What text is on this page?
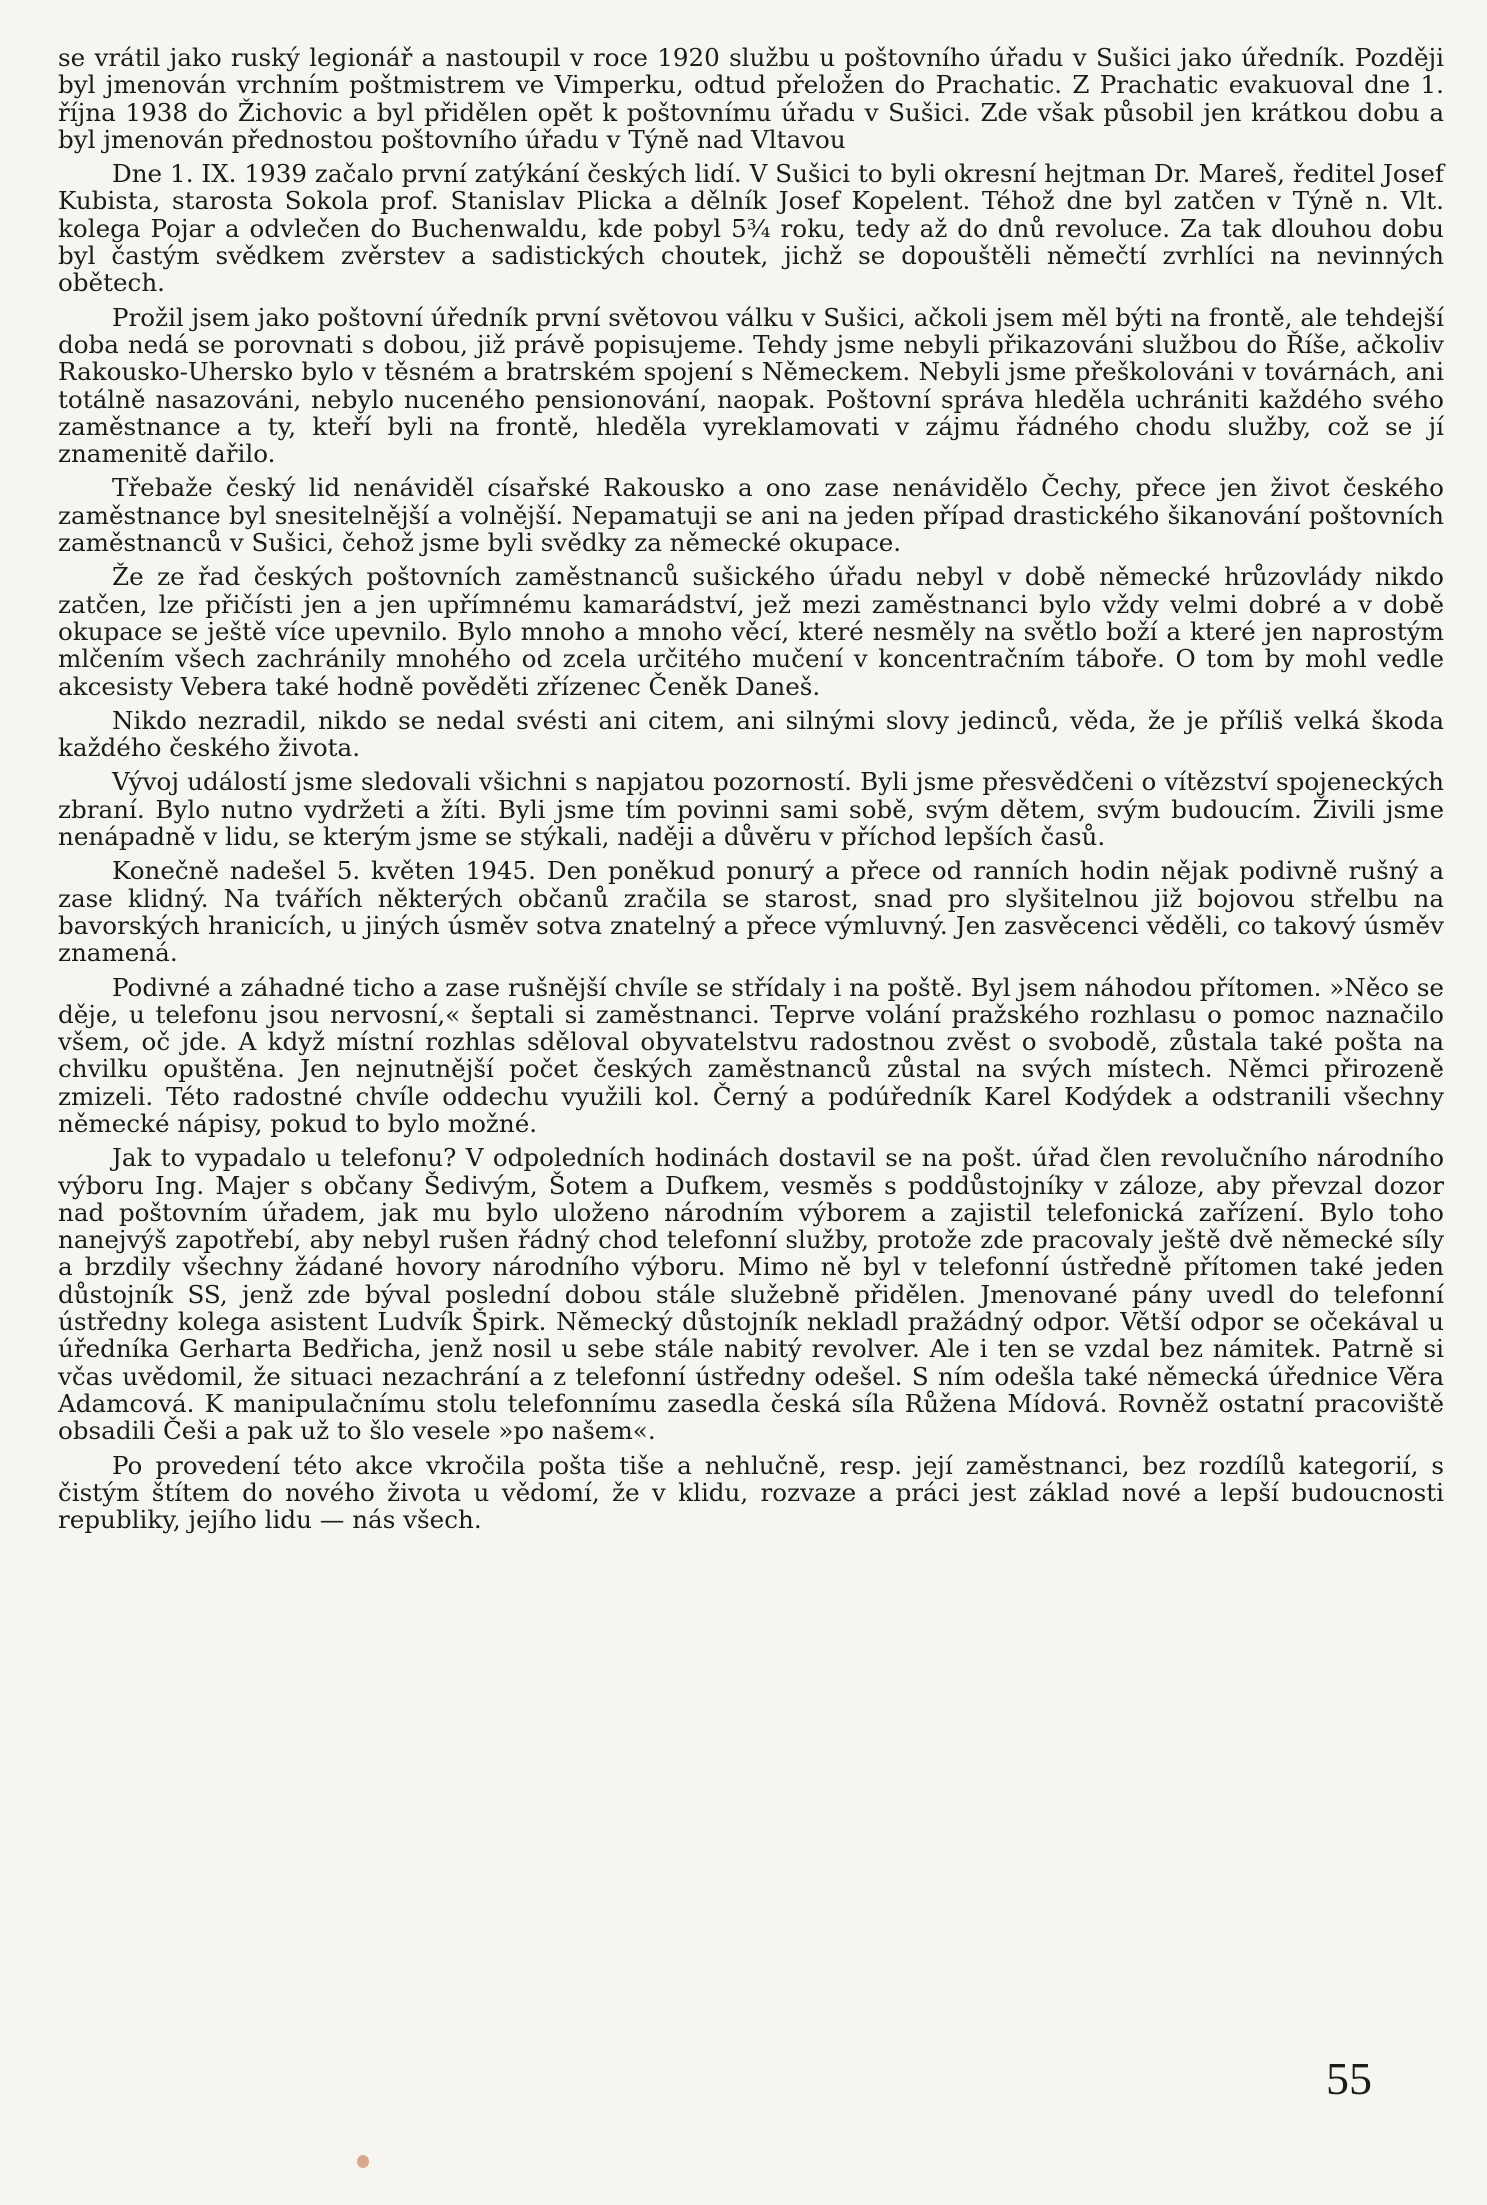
se vrátil jako ruský legionář a nastoupil v roce 1920 službu u poštovního úřadu v Sušici jako úředník. Později byl jmenován vrchním poštmistrem ve Vimperku, odtud přeložen do Prachatic. Z Prachatic evakuoval dne 1. října 1938 do Žichovic a byl přidělen opět k poštovnímu úřadu v Sušici. Zde však působil jen krátkou dobu a byl jmenován přednostou poštovního úřadu v Týně nad Vltavou

Dne 1. IX. 1939 začalo první zatýkání českých lidí. V Sušici to byli okresní hejtman Dr. Mareš, ředitel Josef Kubista, starosta Sokola prof. Stanislav Plicka a dělník Josef Kopelent. Téhož dne byl zatčen v Týně n. Vlt. kolega Pojar a odvlečen do Buchenwaldu, kde pobyl 5¾ roku, tedy až do dnů revoluce. Za tak dlouhou dobu byl častým svědkem zvěrstev a sadistických choutek, jichž se dopouštěli němečtí zvrhlíci na nevinných obětech.

Prožil jsem jako poštovní úředník první světovou válku v Sušici, ačkoli jsem měl býti na frontě, ale tehdejší doba nedá se porovnati s dobou, již právě popisujeme. Tehdy jsme nebyli přikazováni službou do Říše, ačkoliv Rakousko-Uhersko bylo v těsném a bratrském spojení s Německem. Nebyli jsme přeškolováni v továrnách, ani totálně nasazováni, nebylo nuceného pensionování, naopak. Poštovní správa hleděla uchrániti každého svého zaměstnance a ty, kteří byli na frontě, hleděla vyreklamovati v zájmu řádného chodu služby, což se jí znamenitě dařilo.

Třebaže český lid nenáviděl císařské Rakousko a ono zase nenávidělo Čechy, přece jen život českého zaměstnance byl snesitelnější a volnější. Nepamatuji se ani na jeden případ drastického šikanování poštovních zaměstnanců v Sušici, čehož jsme byli svědky za německé okupace.

Že ze řad českých poštovních zaměstnanců sušického úřadu nebyl v době německé hrůzovlády nikdo zatčen, lze přičísti jen a jen upřímnému kamarádství, jež mezi zaměstnanci bylo vždy velmi dobré a v době okupace se ještě více upevnilo. Bylo mnoho a mnoho věcí, které nesměly na světlo boží a které jen naprostým mlčením všech zachránily mnohého od zcela určitého mučení v koncentračním táboře. O tom by mohl vedle akcesisty Vebera také hodně pověděti zřízenec Čeněk Daneš.

Nikdo nezradil, nikdo se nedal svésti ani citem, ani silnými slovy jedinců, věda, že je příliš velká škoda každého českého života.

Vývoj událostí jsme sledovali všichni s napjatou pozorností. Byli jsme přesvědčeni o vítězství spojeneckých zbraní. Bylo nutno vydržeti a žíti. Byli jsme tím povinni sami sobě, svým dětem, svým budoucím. Živili jsme nenápadně v lidu, se kterým jsme se stýkali, naději a důvěru v příchod lepších časů.

Konečně nadešel 5. květen 1945. Den poněkud ponurý a přece od ranních hodin nějak podivně rušný a zase klidný. Na tvářích některých občanů zračila se starost, snad pro slyšitelnou již bojovou střelbu na bavorských hranicích, u jiných úsměv sotva znatelný a přece výmluvný. Jen zasvěcenci věděli, co takový úsměv znamená.

Podivné a záhadné ticho a zase rušnější chvíle se střídaly i na poště. Byl jsem náhodou přítomen. »Něco se děje, u telefonu jsou nervosní,« šeptali si zaměstnanci. Teprve volání pražského rozhlasu o pomoc naznačilo všem, oč jde. A když místní rozhlas sděloval obyvatelstvu radostnou zvěst o svobodě, zůstala také pošta na chvilku opuštěna. Jen nejnutnější počet českých zaměstnanců zůstal na svých místech. Němci přirozeně zmizeli. Této radostné chvíle oddechu využili kol. Černý a podúředník Karel Kodýdek a odstranili všechny německé nápisy, pokud to bylo možné.

Jak to vypadalo u telefonu? V odpoledních hodinách dostavil se na pošt. úřad člen revolučního národního výboru Ing. Majer s občany Šedivým, Šotem a Dufkem, vesměs s poddůstojníky v záloze, aby převzal dozor nad poštovním úřadem, jak mu bylo uloženo národním výborem a zajistil telefonická zařízení. Bylo toho nanejvýš zapotřebí, aby nebyl rušen řádný chod telefonní služby, protože zde pracovaly ještě dvě německé síly a brzdily všechny žádané hovory národního výboru. Mimo ně byl v telefonní ústředně přítomen také jeden důstojník SS, jenž zde býval poslední dobou stále služebně přidělen. Jmenované pány uvedl do telefonní ústředny kolega asistent Ludvík Špirk. Německý důstojník nekladl pražádný odpor. Větší odpor se očekával u úředníka Gerharta Bedřicha, jenž nosil u sebe stále nabitý revolver. Ale i ten se vzdal bez námitek. Patrně si včas uvědomil, že situaci nezachrání a z telefonní ústředny odešel. S ním odešla také německá úřednice Věra Adamcová. K manipulačnímu stolu telefonnímu zasedla česká síla Růžena Mídová. Rovněž ostatní pracoviště obsadili Češi a pak už to šlo vesele »po našem«.

Po provedení této akce vkročila pošta tiše a nehlučně, resp. její zaměstnanci, bez rozdílů kategorií, s čistým štítem do nového života u vědomí, že v klidu, rozvaze a práci jest základ nové a lepší budoucnosti republiky, jejího lidu — nás všech.

55
